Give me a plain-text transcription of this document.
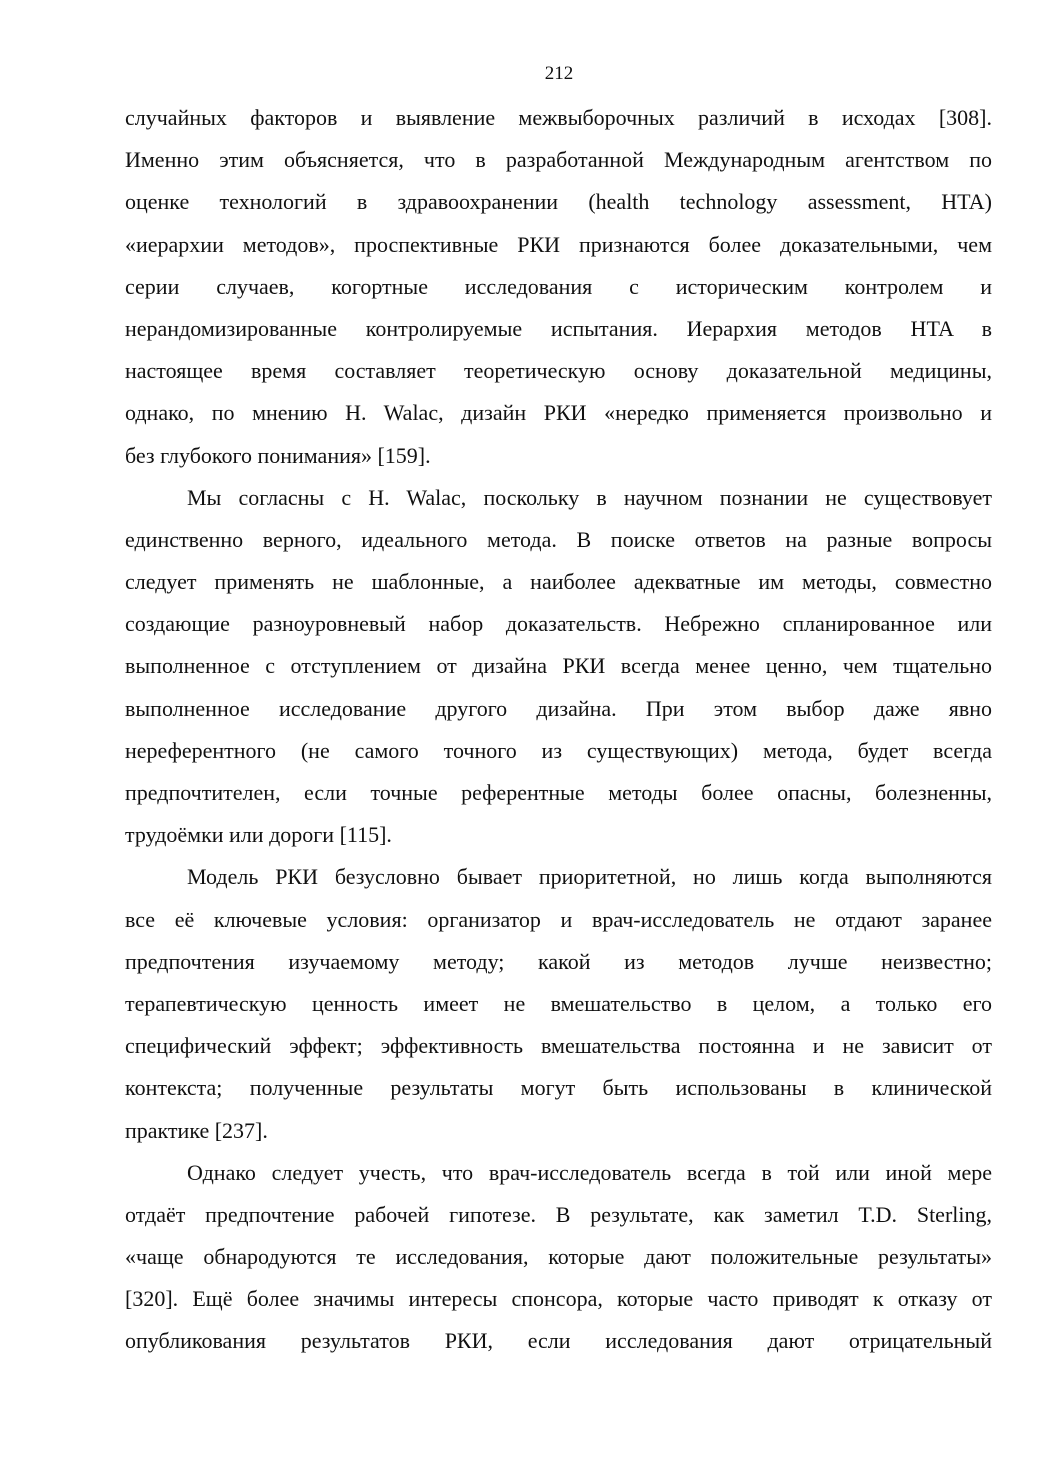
212
случайных факторов и выявление межвыборочных различий в исходах [308].
Именно этим объясняется, что в разработанной Международным агентством по
оценке технологий в здравоохранении (health technology assessment, HTA)
«иерархии методов», проспективные РКИ признаются более доказательными, чем
серии случаев, когортные исследования с историческим контролем и
нерандомизированные контролируемые испытания. Иерархия методов HTA в
настоящее время составляет теоретическую основу доказательной медицины,
однако, по мнению H. Walac, дизайн РКИ «нередко применяется произвольно и
без глубокого понимания» [159].
Мы согласны с H. Walac, поскольку в научном познании не существовует
единственно верного, идеального метода. В поиске ответов на разные вопросы
следует применять не шаблонные, а наиболее адекватные им методы, совместно
создающие разноуровневый набор доказательств. Небрежно спланированное или
выполненное с отступлением от дизайна РКИ всегда менее ценно, чем тщательно
выполненное исследование другого дизайна. При этом выбор даже явно
нереферентного (не самого точного из существующих) метода, будет всегда
предпочтителен, если точные референтные методы более опасны, болезненны,
трудоёмки или дороги [115].
Модель РКИ безусловно бывает приоритетной, но лишь когда выполняются
все её ключевые условия: организатор и врач-исследователь не отдают заранее
предпочтения изучаемому методу; какой из методов лучше неизвестно;
терапевтическую ценность имеет не вмешательство в целом, а только его
специфический эффект; эффективность вмешательства постоянна и не зависит от
контекста; полученные результаты могут быть использованы в клинической
практике [237].
Однако следует учесть, что врач-исследователь всегда в той или иной мере
отдаёт предпочтение рабочей гипотезе. В результате, как заметил T.D. Sterling,
«чаще обнародуются те исследования, которые дают положительные результаты»
[320]. Ещё более значимы интересы спонсора, которые часто приводят к отказу от
опубликования результатов РКИ, если исследования дают отрицательный
